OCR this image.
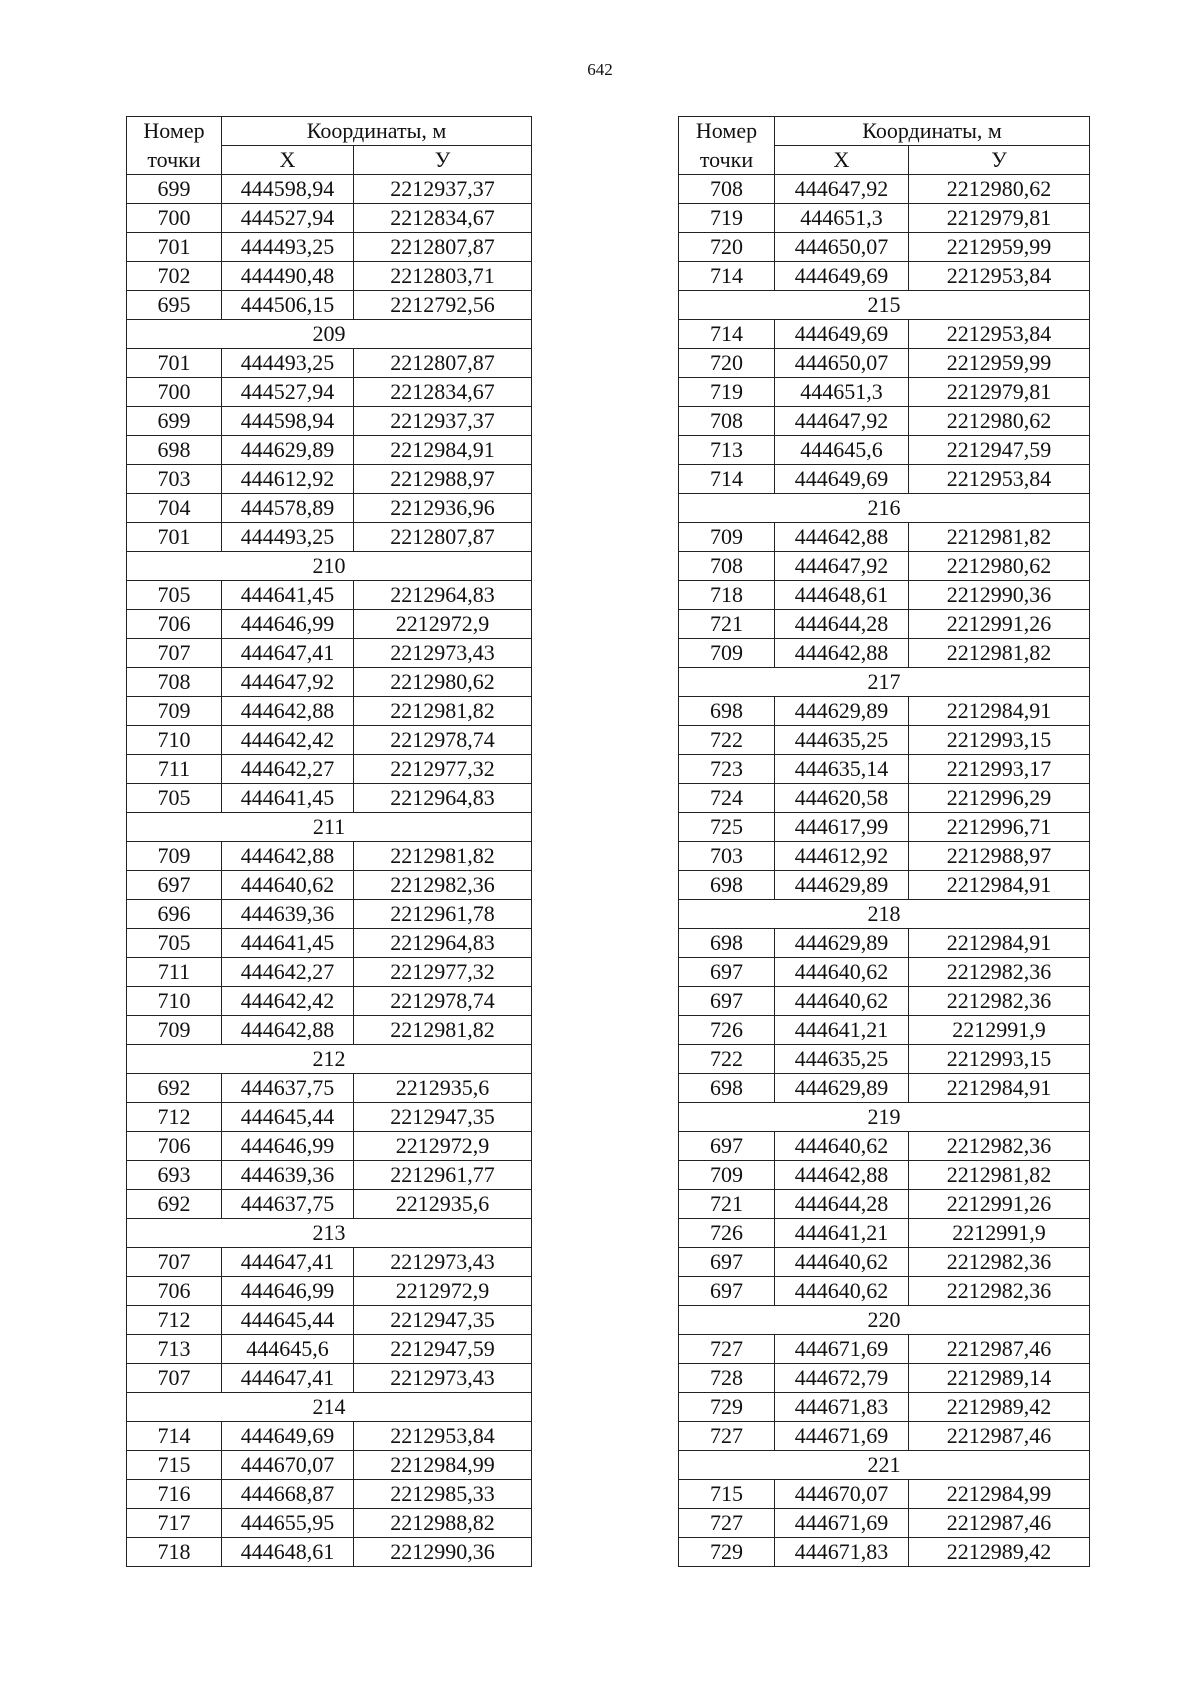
642
Номер	Координаты, м	
точки	Х	У
699	444598,94	2212937,37
700	444527,94	2212834,67
701	444493,25	2212807,87
702	444490,48	2212803,71
695	444506,15	2212792,56
209		
701	444493,25	2212807,87
700	444527,94	2212834,67
699	444598,94	2212937,37
698	444629,89	2212984,91
703	444612,92	2212988,97
704	444578,89	2212936,96
701	444493,25	2212807,87
210		
705	444641,45	2212964,83
706	444646,99	2212972,9
707	444647,41	2212973,43
708	444647,92	2212980,62
709	444642,88	2212981,82
710	444642,42	2212978,74
711	444642,27	2212977,32
705	444641,45	2212964,83
211		
709	444642,88	2212981,82
697	444640,62	2212982,36
696	444639,36	2212961,78
705	444641,45	2212964,83
711	444642,27	2212977,32
710	444642,42	2212978,74
709	444642,88	2212981,82
212		
692	444637,75	2212935,6
712	444645,44	2212947,35
706	444646,99	2212972,9
693	444639,36	2212961,77
692	444637,75	2212935,6
213		
707	444647,41	2212973,43
706	444646,99	2212972,9
712	444645,44	2212947,35
713	444645,6	2212947,59
707	444647,41	2212973,43
214		
714	444649,69	2212953,84
715	444670,07	2212984,99
716	444668,87	2212985,33
717	444655,95	2212988,82
718	444648,61	2212990,36
Номер	Координаты, м	
точки	Х	У
708	444647,92	2212980,62
719	444651,3	2212979,81
720	444650,07	2212959,99
714	444649,69	2212953,84
215		
714	444649,69	2212953,84
720	444650,07	2212959,99
719	444651,3	2212979,81
708	444647,92	2212980,62
713	444645,6	2212947,59
714	444649,69	2212953,84
216		
709	444642,88	2212981,82
708	444647,92	2212980,62
718	444648,61	2212990,36
721	444644,28	2212991,26
709	444642,88	2212981,82
217		
698	444629,89	2212984,91
722	444635,25	2212993,15
723	444635,14	2212993,17
724	444620,58	2212996,29
725	444617,99	2212996,71
703	444612,92	2212988,97
698	444629,89	2212984,91
218		
698	444629,89	2212984,91
697	444640,62	2212982,36
697	444640,62	2212982,36
726	444641,21	2212991,9
722	444635,25	2212993,15
698	444629,89	2212984,91
219		
697	444640,62	2212982,36
709	444642,88	2212981,82
721	444644,28	2212991,26
726	444641,21	2212991,9
697	444640,62	2212982,36
697	444640,62	2212982,36
220		
727	444671,69	2212987,46
728	444672,79	2212989,14
729	444671,83	2212989,42
727	444671,69	2212987,46
221		
715	444670,07	2212984,99
727	444671,69	2212987,46
729	444671,83	2212989,42
